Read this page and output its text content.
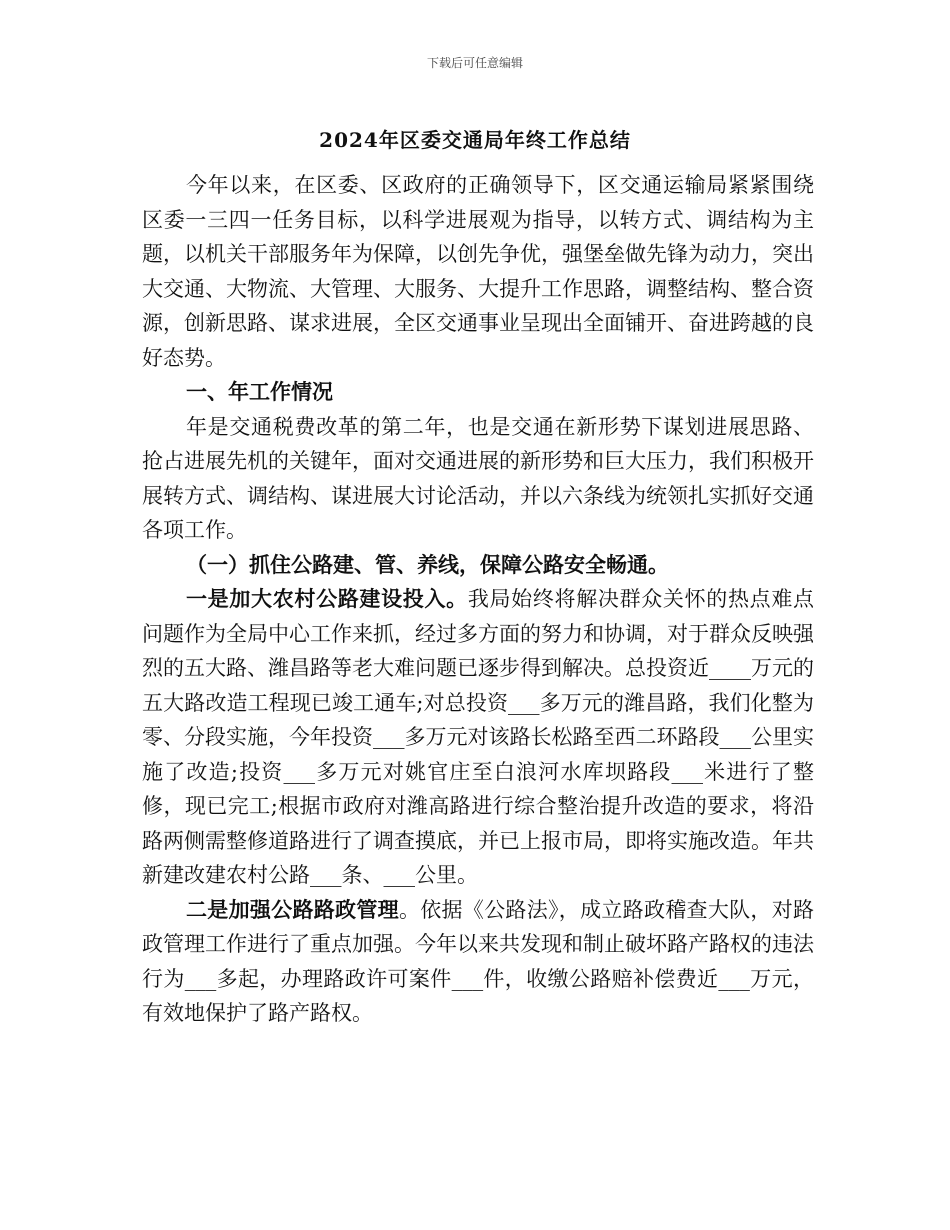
下载后可任意编辑
2024年区委交通局年终工作总结

今年以来，在区委、区政府的正确领导下，区交通运输局紧紧围绕区委一三四一任务目标，以科学进展观为指导，以转方式、调结构为主题，以机关干部服务年为保障，以创先争优，强堡垒做先锋为动力，突出大交通、大物流、大管理、大服务、大提升工作思路，调整结构、整合资源，创新思路、谋求进展，全区交通事业呈现出全面铺开、奋进跨越的良好态势。

一、年工作情况

年是交通税费改革的第二年，也是交通在新形势下谋划进展思路、抢占进展先机的关键年，面对交通进展的新形势和巨大压力，我们积极开展转方式、调结构、谋进展大讨论活动，并以六条线为统领扎实抓好交通各项工作。

（一）抓住公路建、管、养线，保障公路安全畅通。

一是加大农村公路建设投入。我局始终将解决群众关怀的热点难点问题作为全局中心工作来抓，经过多方面的努力和协调，对于群众反映强烈的五大路、潍昌路等老大难问题已逐步得到解决。总投资近____万元的五大路改造工程现已竣工通车;对总投资___多万元的潍昌路，我们化整为零、分段实施，今年投资___多万元对该路长松路至西二环路段___公里实施了改造;投资___多万元对姚官庄至白浪河水库坝路段___米进行了整修，现已完工;根据市政府对潍高路进行综合整治提升改造的要求，将沿路两侧需整修道路进行了调查摸底，并已上报市局，即将实施改造。年共新建改建农村公路___条、___公里。

二是加强公路路政管理。依据《公路法》，成立路政稽查大队，对路政管理工作进行了重点加强。今年以来共发现和制止破坏路产路权的违法行为___多起，办理路政许可案件___件，收缴公路赔补偿费近___万元，有效地保护了路产路权。
